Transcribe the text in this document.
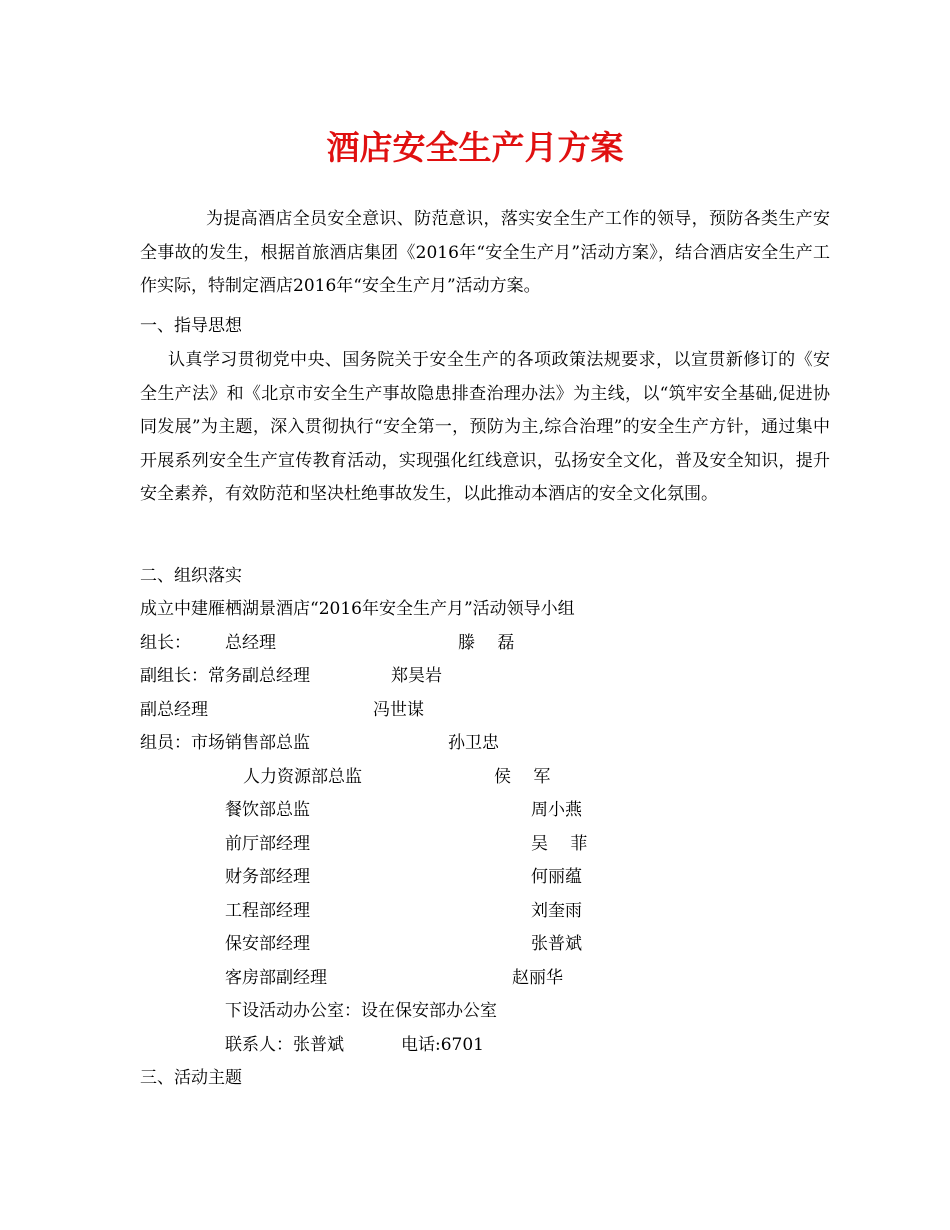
酒店安全生产月方案
为提高酒店全员安全意识、防范意识，落实安全生产工作的领导，预防各类生产安全事故的发生，根据首旅酒店集团《2016年“安全生产月”活动方案》，结合酒店安全生产工作实际，特制定酒店2016年“安全生产月”活动方案。
一、指导思想
认真学习贯彻党中央、国务院关于安全生产的各项政策法规要求，以宣贯新修订的《安全生产法》和《北京市安全生产事故隐患排查治理办法》为主线，以“筑牢安全基础,促进协同发展”为主题，深入贯彻执行“安全第一，预防为主,综合治理”的安全生产方针，通过集中开展系列安全生产宣传教育活动，实现强化红线意识，弘扬安全文化，普及安全知识，提升安全素养，有效防范和坚决杜绝事故发生，以此推动本酒店的安全文化氛围。
二、组织落实
成立中建雁栖湖景酒店“2016年安全生产月”活动领导小组
组长： 总经理	滕　 磊
副组长：常务副总经理	郑昊岩
副总经理	冯世谋
组员：市场销售部总监	孙卫忠
人力资源部总监	侯　 军
餐饮部总监	周小燕
前厅部经理	吴　 菲
财务部经理	何丽蕴
工程部经理	刘奎雨
保安部经理	张普斌
客房部副经理	赵丽华
下设活动办公室：设在保安部办公室
联系人：张普斌	电话:6701
三、活动主题
